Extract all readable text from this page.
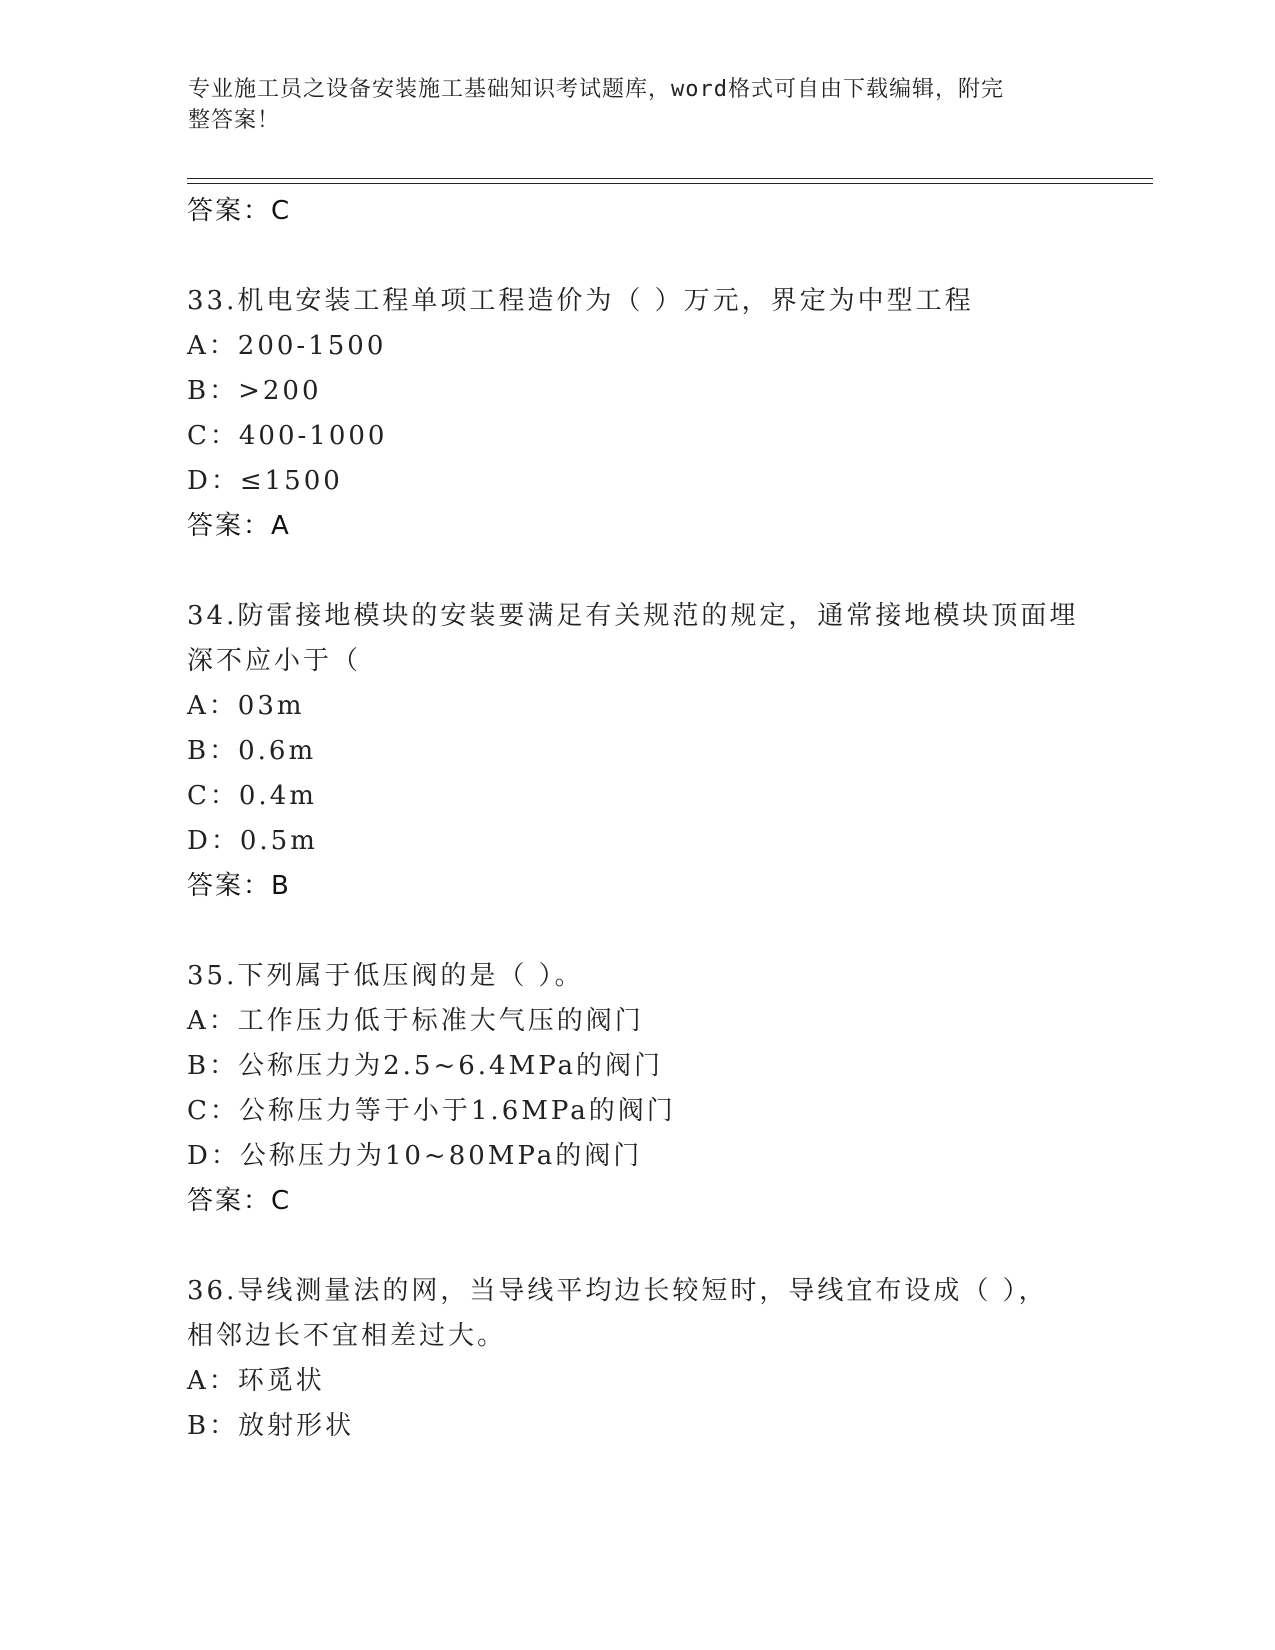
专业施工员之设备安装施工基础知识考试题库，word格式可自由下载编辑，附完
整答案！
答案：C
33.机电安装工程单项工程造价为（ ）万元，界定为中型工程
A：200-1500
B：>200
C：400-1000
D：≤1500
答案：A
34.防雷接地模块的安装要满足有关规范的规定，通常接地模块顶面埋
深不应小于（
A：03m
B：0.6m
C：0.4m
D：0.5m
答案：B
35.下列属于低压阀的是（ ）。
A：工作压力低于标准大气压的阀门
B：公称压力为2.5~6.4MPa的阀门
C：公称压力等于小于1.6MPa的阀门
D：公称压力为10~80MPa的阀门
答案：C
36.导线测量法的网，当导线平均边长较短时，导线宜布设成（ ），
相邻边长不宜相差过大。
A：环觅状
B：放射形状
